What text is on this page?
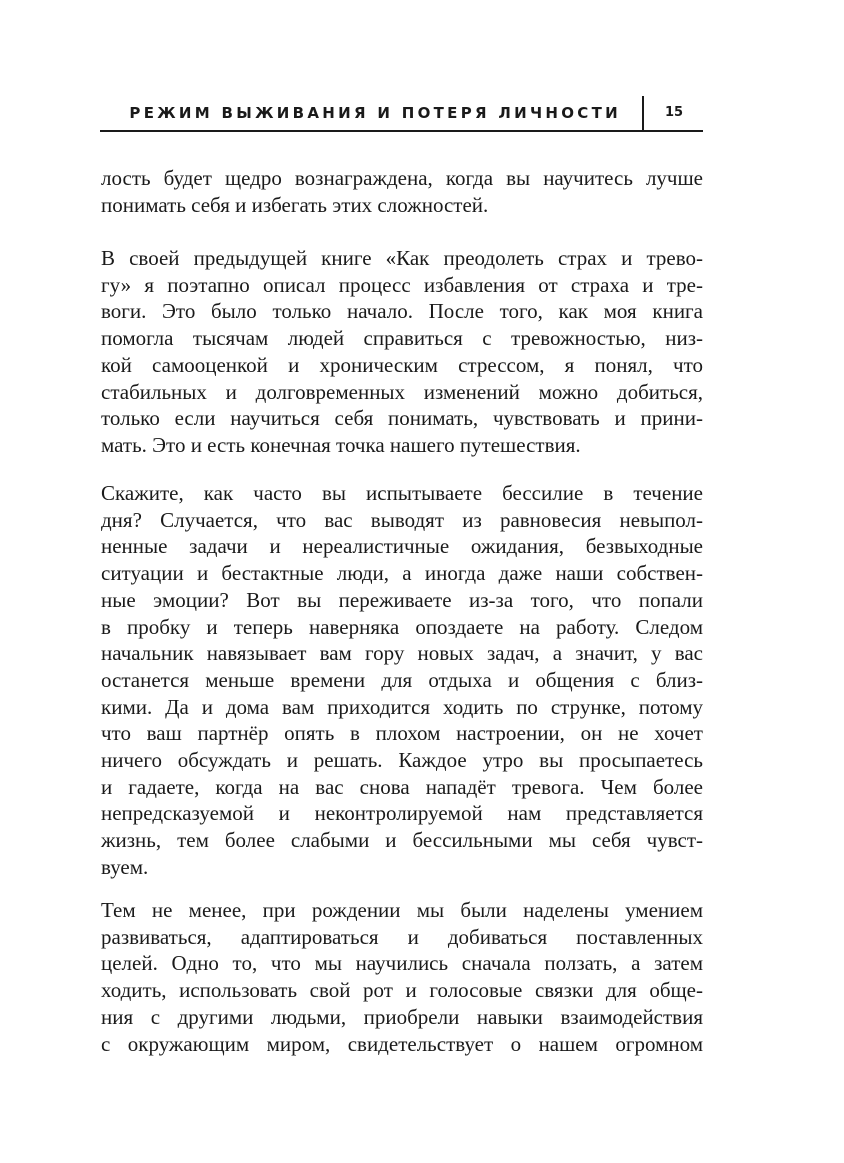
РЕЖИМ ВЫЖИВАНИЯ И ПОТЕРЯ ЛИЧНОСТИ	15
лость будет щедро вознаграждена, когда вы научитесь лучше
понимать себя и избегать этих сложностей.
В своей предыдущей книге «Как преодолеть страх и трево-
гу» я поэтапно описал процесс избавления от страха и тре-
воги. Это было только начало. После того, как моя книга
помогла тысячам людей справиться с тревожностью, низ-
кой самооценкой и хроническим стрессом, я понял, что
стабильных и долговременных изменений можно добиться,
только если научиться себя понимать, чувствовать и прини-
мать. Это и есть конечная точка нашего путешествия.
Скажите, как часто вы испытываете бессилие в течение
дня? Случается, что вас выводят из равновесия невыпол-
ненные задачи и нереалистичные ожидания, безвыходные
ситуации и бестактные люди, а иногда даже наши собствен-
ные эмоции? Вот вы переживаете из-за того, что попали
в пробку и теперь наверняка опоздаете на работу. Следом
начальник навязывает вам гору новых задач, а значит, у вас
останется меньше времени для отдыха и общения с близ-
кими. Да и дома вам приходится ходить по струнке, потому
что ваш партнёр опять в плохом настроении, он не хочет
ничего обсуждать и решать. Каждое утро вы просыпаетесь
и гадаете, когда на вас снова нападёт тревога. Чем более
непредсказуемой и неконтролируемой нам представляется
жизнь, тем более слабыми и бессильными мы себя чувст-
вуем.
Тем не менее, при рождении мы были наделены умением
развиваться, адаптироваться и добиваться поставленных
целей. Одно то, что мы научились сначала ползать, а затем
ходить, использовать свой рот и голосовые связки для обще-
ния с другими людьми, приобрели навыки взаимодействия
с окружающим миром, свидетельствует о нашем огромном
